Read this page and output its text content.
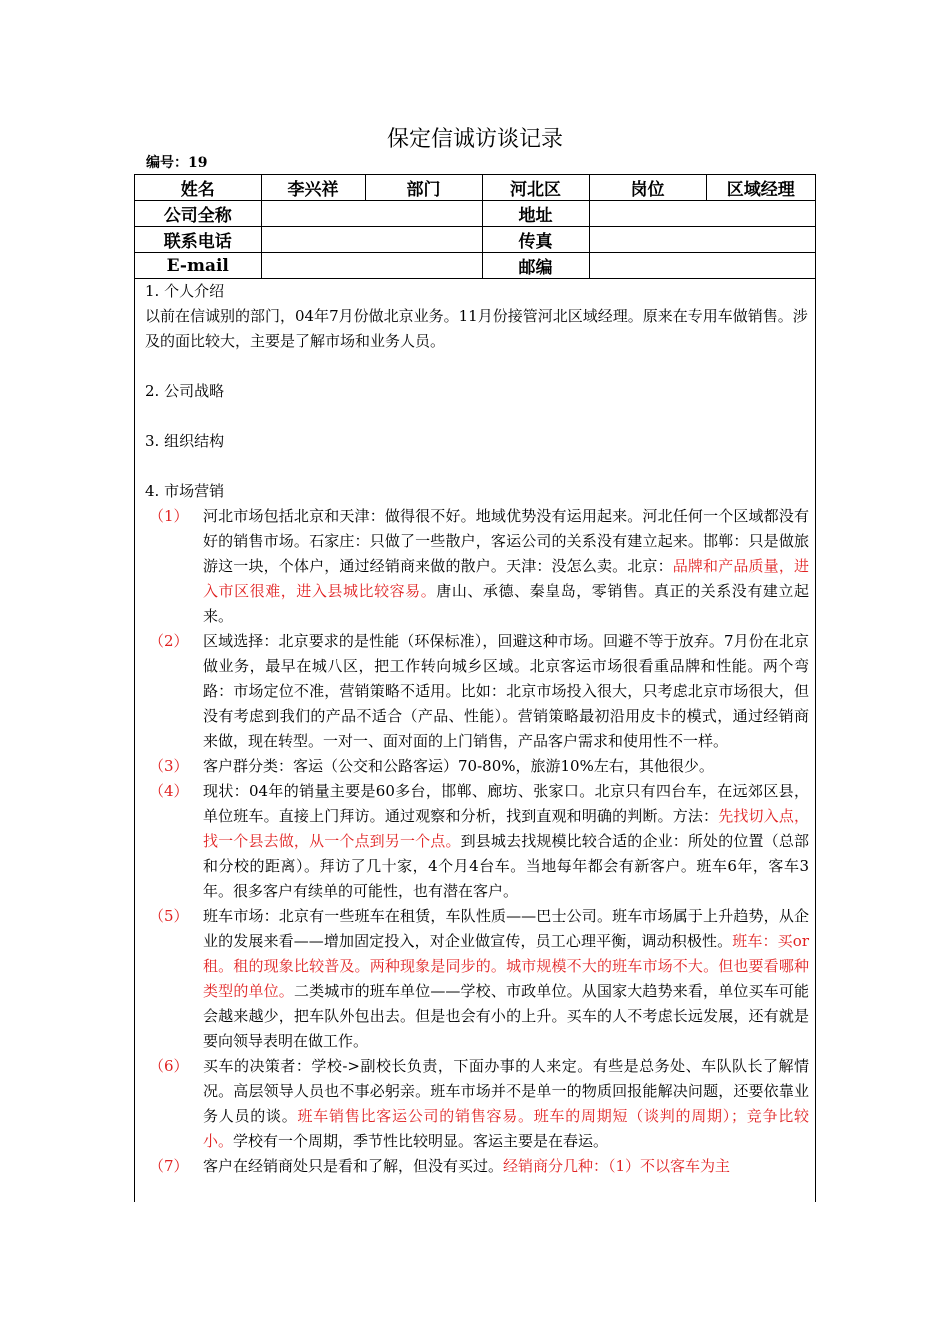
保定信诚访谈记录
编号：19
姓名	李兴祥	部门	河北区	岗位	区域经理
公司全称			地址		
联系电话			传真		
E-mail			邮编		

1. 个人介绍

以前在信诚别的部门，04年7月份做北京业务。11月份接管河北区域经理。原来在专用车做销售。涉及的面比较大，主要是了解市场和业务人员。

2. 公司战略

3. 组织结构

4. 市场营销

（1） 河北市场包括北京和天津：做得很不好。地域优势没有运用起来。河北任何一个区域都没有好的销售市场。石家庄：只做了一些散户，客运公司的关系没有建立起来。邯郸：只是做旅游这一块，个体户，通过经销商来做的散户。天津：没怎么卖。北京：品牌和产品质量，进入市区很难，进入县城比较容易。唐山、承德、秦皇岛，零销售。真正的关系没有建立起来。
（2） 区域选择：北京要求的是性能（环保标准），回避这种市场。回避不等于放弃。7月份在北京做业务，最早在城八区，把工作转向城乡区域。北京客运市场很看重品牌和性能。两个弯路：市场定位不准，营销策略不适用。比如：北京市场投入很大，只考虑北京市场很大，但没有考虑到我们的产品不适合（产品、性能）。营销策略最初沿用皮卡的模式，通过经销商来做，现在转型。一对一、面对面的上门销售，产品客户需求和使用性不一样。
（3） 客户群分类：客运（公交和公路客运）70-80%，旅游10%左右，其他很少。
（4） 现状：04年的销量主要是60多台，邯郸、廊坊、张家口。北京只有四台车，在远郊区县，单位班车。直接上门拜访。通过观察和分析，找到直观和明确的判断。方法：先找切入点，找一个县去做，从一个点到另一个点。到县城去找规模比较合适的企业：所处的位置（总部和分校的距离）。拜访了几十家，4个月4台车。当地每年都会有新客户。班车6年，客车3年。很多客户有续单的可能性，也有潜在客户。
（5） 班车市场：北京有一些班车在租赁，车队性质——巴士公司。班车市场属于上升趋势，从企业的发展来看——增加固定投入，对企业做宣传，员工心理平衡，调动积极性。班车：买or租。租的现象比较普及。两种现象是同步的。城市规模不大的班车市场不大。但也要看哪种类型的单位。二类城市的班车单位——学校、市政单位。从国家大趋势来看，单位买车可能会越来越少，把车队外包出去。但是也会有小的上升。买车的人不考虑长远发展，还有就是要向领导表明在做工作。
（6） 买车的决策者：学校->副校长负责，下面办事的人来定。有些是总务处、车队队长了解情况。高层领导人员也不事必躬亲。班车市场并不是单一的物质回报能解决问题，还要依靠业务人员的谈。班车销售比客运公司的销售容易。班车的周期短（谈判的周期）；竞争比较小。学校有一个周期，季节性比较明显。客运主要是在春运。
（7） 客户在经销商处只是看和了解，但没有买过。经销商分几种：（1）不以客车为主
